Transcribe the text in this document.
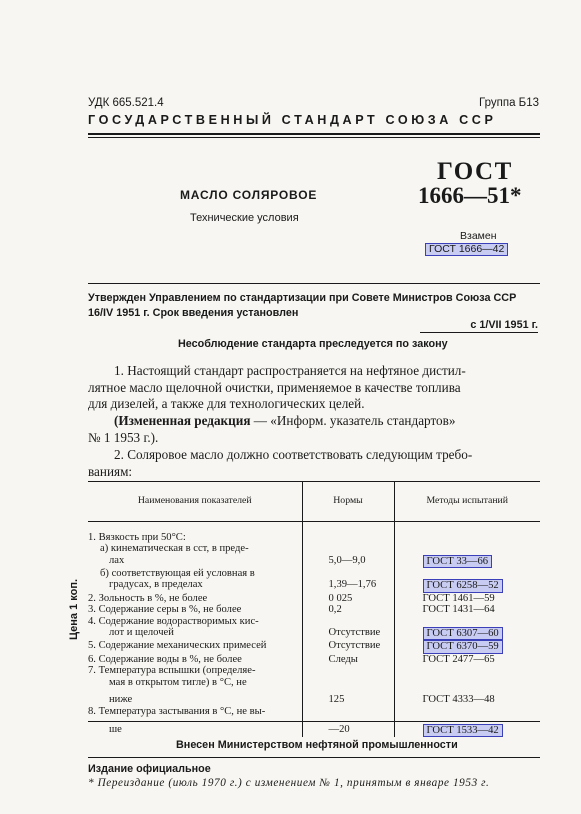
УДК 665.521.4	Группа Б13
ГОСУДАРСТВЕННЫЙ СТАНДАРТ СОЮЗА ССР
МАСЛО СОЛЯРОВОЕ
Технические условия
ГОСТ
1666—51*
Взамен
ГОСТ 1666—42
Утвержден Управлением по стандартизации при Совете Министров Союза ССР
16/IV 1951 г. Срок введения установлен
с 1/VII 1951 г.
Несоблюдение стандарта преследуется по закону
1. Настоящий стандарт распространяется на нефтяное дистил-
лятное масло щелочной очистки, применяемое в качестве топлива
для дизелей, а также для технологических целей.
(Измененная редакция — «Информ. указатель стандартов»
№ 1 1953 г.).
2. Соляровое масло должно соответствовать следующим требо-
ваниям:
Наименования показателей	Нормы	Методы испытаний
1. Вязкость при 50°С:		
а) кинематическая в сст, в преде-		
лах	5,0—9,0	ГОСТ 33—66
б) соответствующая ей условная в		
градусах, в пределах	1,39—1,76	ГОСТ 6258—52
2. Зольность в %, не более	0 025	ГОСТ 1461—59
3. Содержание серы в %, не более	0,2	ГОСТ 1431—64
4. Содержание водорастворимых кис-		
лот и щелочей	Отсутствие	ГОСТ 6307—60
5. Содержание механических примесей	Отсутствие	ГОСТ 6370—59
6. Содержание воды в %, не более	Следы	ГОСТ 2477—65
7. Температура вспышки (определяе-		
мая в открытом тигле) в °С, не		
ниже	125	ГОСТ 4333—48
8. Температура застывания в °С, не вы-		
ше	—20	ГОСТ 1533—42
Цена 1 коп.
Внесен Министерством нефтяной промышленности
Издание официальное
* Переиздание (июль 1970 г.) с изменением № 1, принятым в январе 1953 г.
